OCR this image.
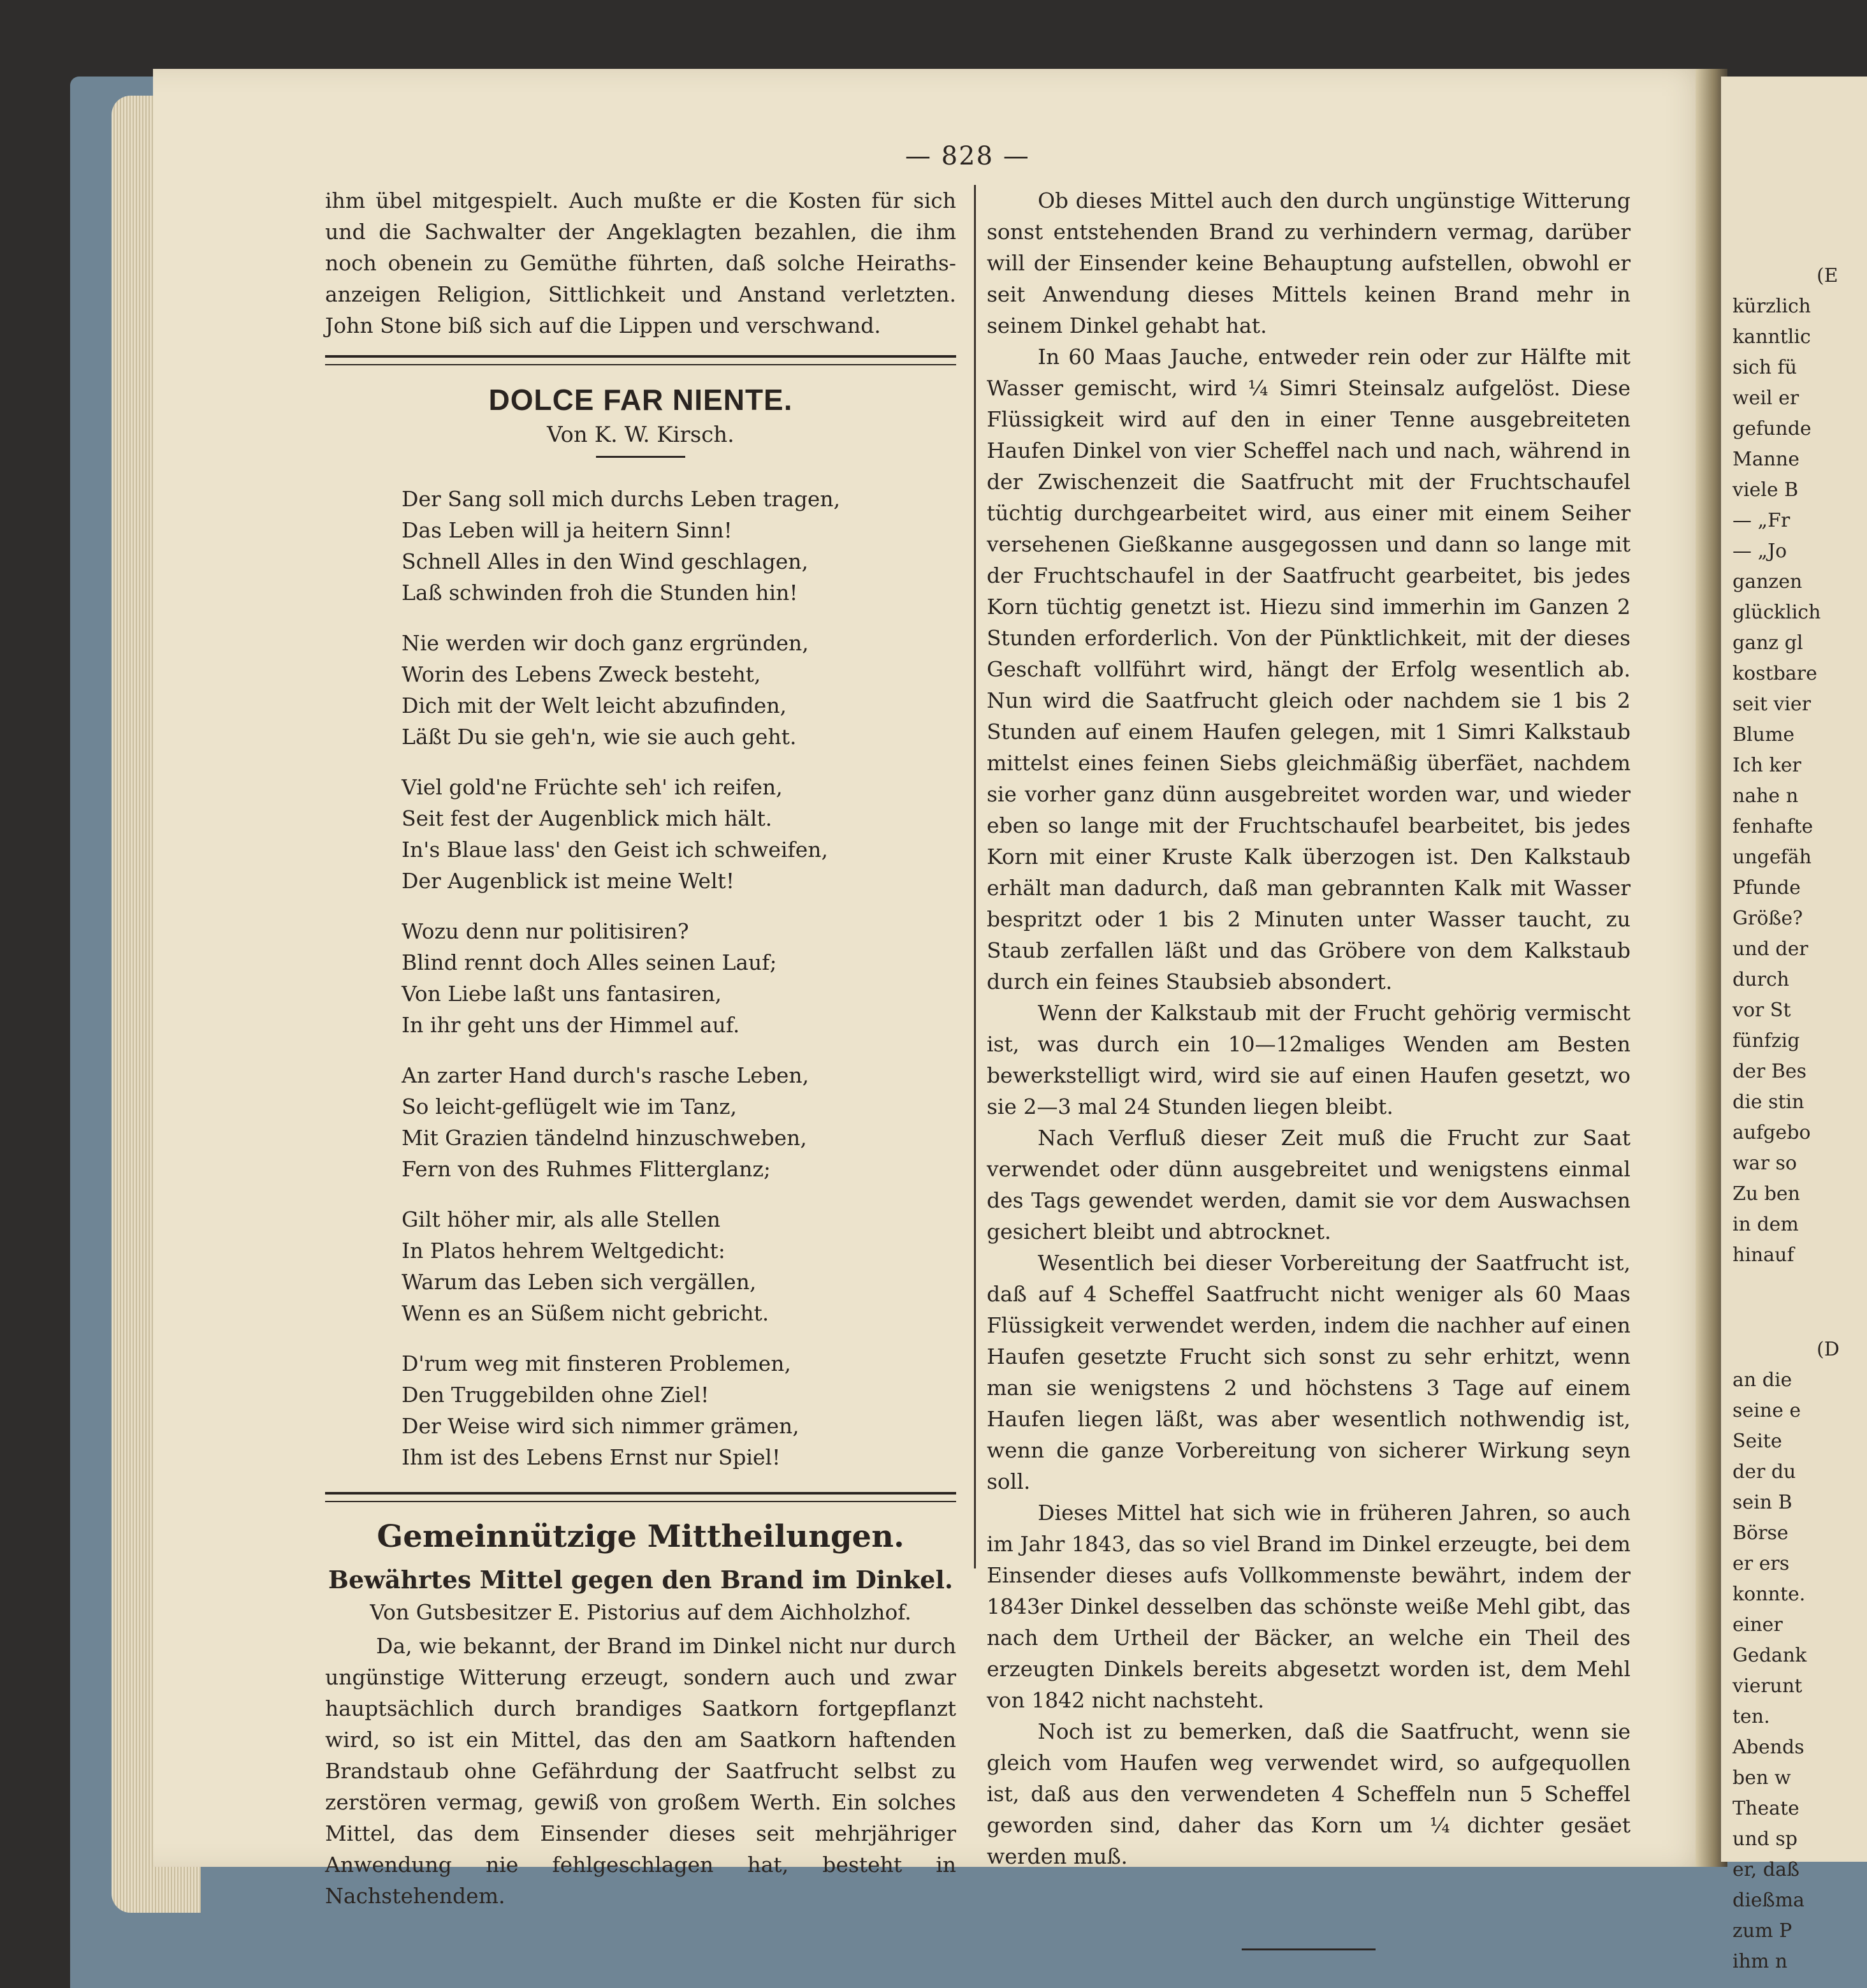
(E
kürzlich
kanntlic
sich fü
weil er
gefunde
Manne
viele B
— „Fr
— „Jo
ganzen
glücklich
ganz gl
kostbare
seit vier
Blume
Ich ker
nahe n
fenhafte
ungefäh
Pfunde
Größe?
und der
durch
vor St
fünfzig
der Bes
die stin
aufgebo
war so
Zu ben
in dem
hinauf
(D
an die
seine e
Seite
der du
sein B
Börse
er ers
konnte.
einer
Gedank
vierunt
ten.
Abends
ben w
Theate
und sp
er, daß
dießma
zum P
ihm n
— 828 —

ihm übel mitgespielt. Auch mußte er die Kosten für sich und die Sachwalter der Angeklagten bezahlen, die ihm noch obenein zu Gemüthe führten, daß solche Heiraths- anzeigen Religion, Sittlichkeit und Anstand verletzten. John Stone biß sich auf die Lippen und verschwand.

DOLCE FAR NIENTE.
Von K. W. Kirsch.
Der Sang soll mich durchs Leben tragen,
Das Leben will ja heitern Sinn!
Schnell Alles in den Wind geschlagen,
Laß schwinden froh die Stunden hin!
Nie werden wir doch ganz ergründen,
Worin des Lebens Zweck besteht,
Dich mit der Welt leicht abzufinden,
Läßt Du sie geh'n, wie sie auch geht.
Viel gold'ne Früchte seh' ich reifen,
Seit fest der Augenblick mich hält.
In's Blaue lass' den Geist ich schweifen,
Der Augenblick ist meine Welt!
Wozu denn nur politisiren?
Blind rennt doch Alles seinen Lauf;
Von Liebe laßt uns fantasiren,
In ihr geht uns der Himmel auf.
An zarter Hand durch's rasche Leben,
So leicht-geflügelt wie im Tanz,
Mit Grazien tändelnd hinzuschweben,
Fern von des Ruhmes Flitterglanz;
Gilt höher mir, als alle Stellen
In Platos hehrem Weltgedicht:
Warum das Leben sich vergällen,
Wenn es an Süßem nicht gebricht.
D'rum weg mit finsteren Problemen,
Den Truggebilden ohne Ziel!
Der Weise wird sich nimmer grämen,
Ihm ist des Lebens Ernst nur Spiel!
Gemeinnützige Mittheilungen.
Bewährtes Mittel gegen den Brand im Dinkel.
Von Gutsbesitzer E. Pistorius auf dem Aichholzhof.

Da, wie bekannt, der Brand im Dinkel nicht nur durch ungünstige Witterung erzeugt, sondern auch und zwar hauptsächlich durch brandiges Saatkorn fortgepflanzt wird, so ist ein Mittel, das den am Saatkorn haftenden Brandstaub ohne Gefährdung der Saatfrucht selbst zu zerstören vermag, gewiß von großem Werth. Ein solches Mittel, das dem Einsender dieses seit mehrjähriger Anwendung nie fehlgeschlagen hat, besteht in Nachstehendem.

Ob dieses Mittel auch den durch ungünstige Witterung sonst entstehenden Brand zu verhindern vermag, darüber will der Einsender keine Behauptung aufstellen, obwohl er seit Anwendung dieses Mittels keinen Brand mehr in seinem Dinkel gehabt hat.

In 60 Maas Jauche, entweder rein oder zur Hälfte mit Wasser gemischt, wird ¼ Simri Steinsalz aufgelöst. Diese Flüssigkeit wird auf den in einer Tenne ausgebreiteten Haufen Dinkel von vier Scheffel nach und nach, während in der Zwischenzeit die Saatfrucht mit der Fruchtschaufel tüchtig durchgearbeitet wird, aus einer mit einem Seiher versehenen Gießkanne ausgegossen und dann so lange mit der Fruchtschaufel in der Saatfrucht gearbeitet, bis jedes Korn tüchtig genetzt ist. Hiezu sind immerhin im Ganzen 2 Stunden erforderlich. Von der Pünktlichkeit, mit der dieses Geschaft vollführt wird, hängt der Erfolg wesentlich ab. Nun wird die Saatfrucht gleich oder nachdem sie 1 bis 2 Stunden auf einem Haufen gelegen, mit 1 Simri Kalkstaub mittelst eines feinen Siebs gleichmäßig überfäet, nachdem sie vorher ganz dünn ausgebreitet worden war, und wieder eben so lange mit der Fruchtschaufel bearbeitet, bis jedes Korn mit einer Kruste Kalk überzogen ist. Den Kalkstaub erhält man dadurch, daß man gebrannten Kalk mit Wasser bespritzt oder 1 bis 2 Minuten unter Wasser taucht, zu Staub zerfallen läßt und das Gröbere von dem Kalkstaub durch ein feines Staubsieb absondert.

Wenn der Kalkstaub mit der Frucht gehörig vermischt ist, was durch ein 10—12maliges Wenden am Besten bewerkstelligt wird, wird sie auf einen Haufen gesetzt, wo sie 2—3 mal 24 Stunden liegen bleibt.

Nach Verfluß dieser Zeit muß die Frucht zur Saat verwendet oder dünn ausgebreitet und wenigstens einmal des Tags gewendet werden, damit sie vor dem Auswachsen gesichert bleibt und abtrocknet.

Wesentlich bei dieser Vorbereitung der Saatfrucht ist, daß auf 4 Scheffel Saatfrucht nicht weniger als 60 Maas Flüssigkeit verwendet werden, indem die nachher auf einen Haufen gesetzte Frucht sich sonst zu sehr erhitzt, wenn man sie wenigstens 2 und höchstens 3 Tage auf einem Haufen liegen läßt, was aber wesentlich nothwendig ist, wenn die ganze Vorbereitung von sicherer Wirkung seyn soll.

Dieses Mittel hat sich wie in früheren Jahren, so auch im Jahr 1843, das so viel Brand im Dinkel erzeugte, bei dem Einsender dieses aufs Vollkommenste bewährt, indem der 1843er Dinkel desselben das schönste weiße Mehl gibt, das nach dem Urtheil der Bäcker, an welche ein Theil des erzeugten Dinkels bereits abgesetzt worden ist, dem Mehl von 1842 nicht nachsteht.

Noch ist zu bemerken, daß die Saatfrucht, wenn sie gleich vom Haufen weg verwendet wird, so aufgequollen ist, daß aus den verwendeten 4 Scheffeln nun 5 Scheffel geworden sind, daher das Korn um ¼ dichter gesäet werden muß.
